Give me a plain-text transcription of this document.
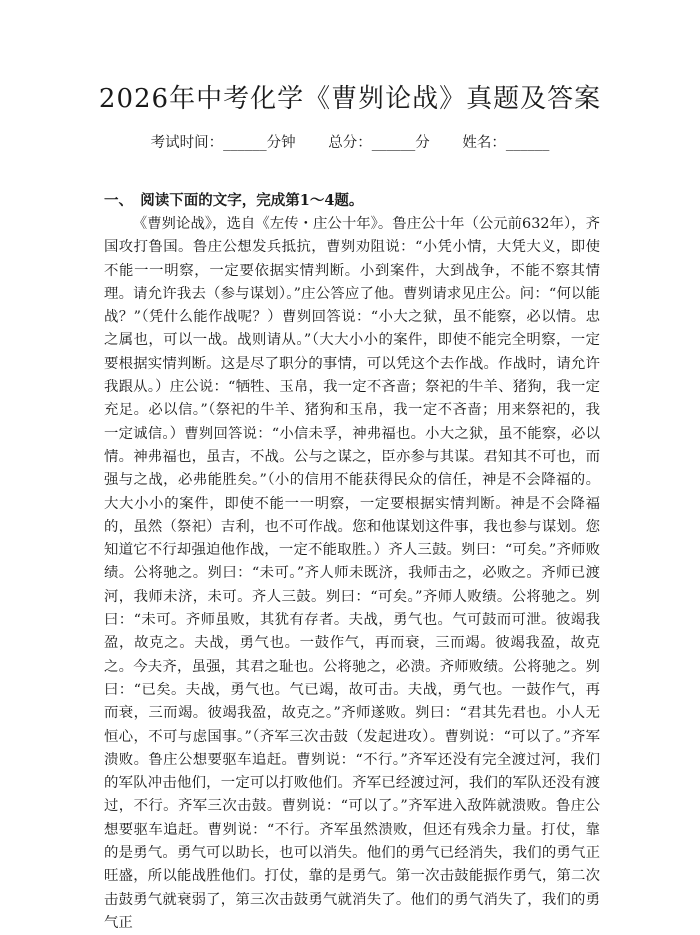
2026年中考化学《曹刿论战》真题及答案
考试时间：______分钟 总分：______分 姓名：______
一、　阅读下面的文字，完成第1～4题。

《曹刿论战》，选自《左传・庄公十年》。鲁庄公十年（公元前632年），齐国攻打鲁国。鲁庄公想发兵抵抗，曹刿劝阻说：“小凭小情，大凭大义，即使不能一一明察，一定要依据实情判断。小到案件，大到战争，不能不察其情理。请允许我去（参与谋划）。”庄公答应了他。曹刿请求见庄公。问：“何以能战？”（凭什么能作战呢？）曹刿回答说：“小大之狱，虽不能察，必以情。忠之属也，可以一战。战则请从。”（大大小小的案件，即使不能完全明察，一定要根据实情判断。这是尽了职分的事情，可以凭这个去作战。作战时，请允许我跟从。）庄公说：“牺牲、玉帛，我一定不吝啬；祭祀的牛羊、猪狗，我一定充足。必以信。”（祭祀的牛羊、猪狗和玉帛，我一定不吝啬；用来祭祀的，我一定诚信。）曹刿回答说：“小信未孚，神弗福也。小大之狱，虽不能察，必以情。神弗福也，虽吉，不战。公与之谋之，臣亦参与其谋。君知其不可也，而强与之战，必弗能胜矣。”（小的信用不能获得民众的信任，神是不会降福的。大大小小的案件，即使不能一一明察，一定要根据实情判断。神是不会降福的，虽然（祭祀）吉利，也不可作战。您和他谋划这件事，我也参与谋划。您知道它不行却强迫他作战，一定不能取胜。）齐人三鼓。刿曰：“可矣。”齐师败绩。公将驰之。刿曰：“未可。”齐人师未既济，我师击之，必败之。齐师已渡河，我师未济，未可。齐人三鼓。刿曰：“可矣。”齐师人败绩。公将驰之。刿曰：“未可。齐师虽败，其犹有存者。夫战，勇气也。气可鼓而可泄。彼竭我盈，故克之。夫战，勇气也。一鼓作气，再而衰，三而竭。彼竭我盈，故克之。今夫齐，虽强，其君之耻也。公将驰之，必溃。齐师败绩。公将驰之。刿曰：“已矣。夫战，勇气也。气已竭，故可击。夫战，勇气也。一鼓作气，再而衰，三而竭。彼竭我盈，故克之。”齐师遂败。刿曰：“君其先君也。小人无恒心，不可与虑国事。”（齐军三次击鼓（发起进攻）。曹刿说：“可以了。”齐军溃败。鲁庄公想要驱车追赶。曹刿说：“不行。”齐军还没有完全渡过河，我们的军队冲击他们，一定可以打败他们。齐军已经渡过河，我们的军队还没有渡过，不行。齐军三次击鼓。曹刿说：“可以了。”齐军进入敌阵就溃败。鲁庄公想要驱车追赶。曹刿说：“不行。齐军虽然溃败，但还有残余力量。打仗，靠的是勇气。勇气可以助长，也可以消失。他们的勇气已经消失，我们的勇气正旺盛，所以能战胜他们。打仗，靠的是勇气。第一次击鼓能振作勇气，第二次击鼓勇气就衰弱了，第三次击鼓勇气就消失了。他们的勇气消失了，我们的勇气正
